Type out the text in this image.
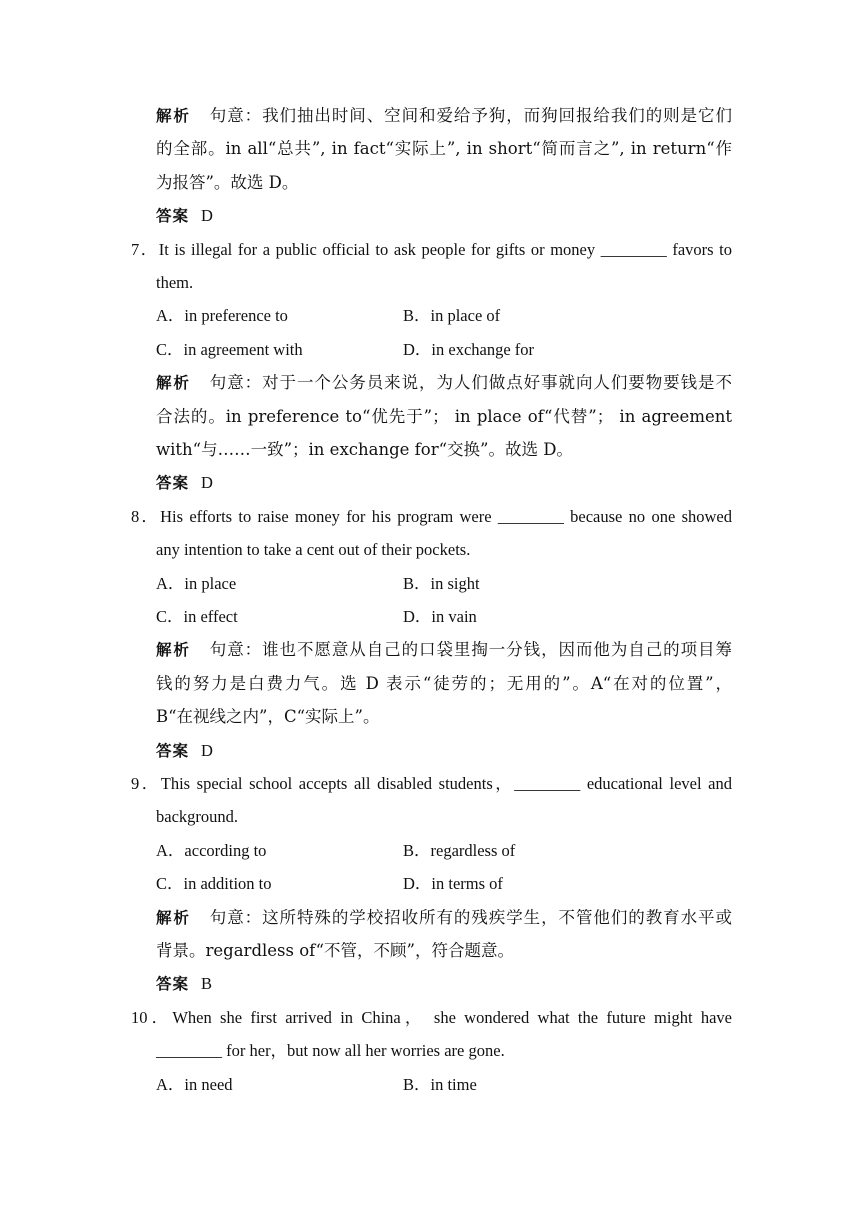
解析 句意：我们抽出时间、空间和爱给予狗，而狗回报给我们的则是它们
的全部。in all“总共”, in fact“实际上”, in short“简而言之”, in return“作
为报答”。故选 D。
答案 D
7．It is illegal for a public official to ask people for gifts or money ________ favors to
them.
A．in preference to	B．in place of
C．in agreement with	D．in exchange for
解析 句意：对于一个公务员来说，为人们做点好事就向人们要物要钱是不
合法的。in preference to“优先于”； in place of“代替”； in agreement
with“与……一致”；in exchange for“交换”。故选 D。
答案 D
8．His efforts to raise money for his program were ________ because no one showed
any intention to take a cent out of their pockets.
A．in place	B．in sight
C．in effect	D．in vain
解析 句意：谁也不愿意从自己的口袋里掏一分钱，因而他为自己的项目筹
钱的努力是白费力气。选 D 表示“徒劳的；无用的”。A“在对的位置”，
B“在视线之内”，C“实际上”。
答案 D
9．This special school accepts all disabled students，________ educational level and
background.
A．according to	B．regardless of
C．in addition to	D．in terms of
解析 句意：这所特殊的学校招收所有的残疾学生，不管他们的教育水平或
背景。regardless of“不管，不顾”，符合题意。
答案 B
10．When she first arrived in China， she wondered what the future might have
________ for her，but now all her worries are gone.
A．in need	B．in time
